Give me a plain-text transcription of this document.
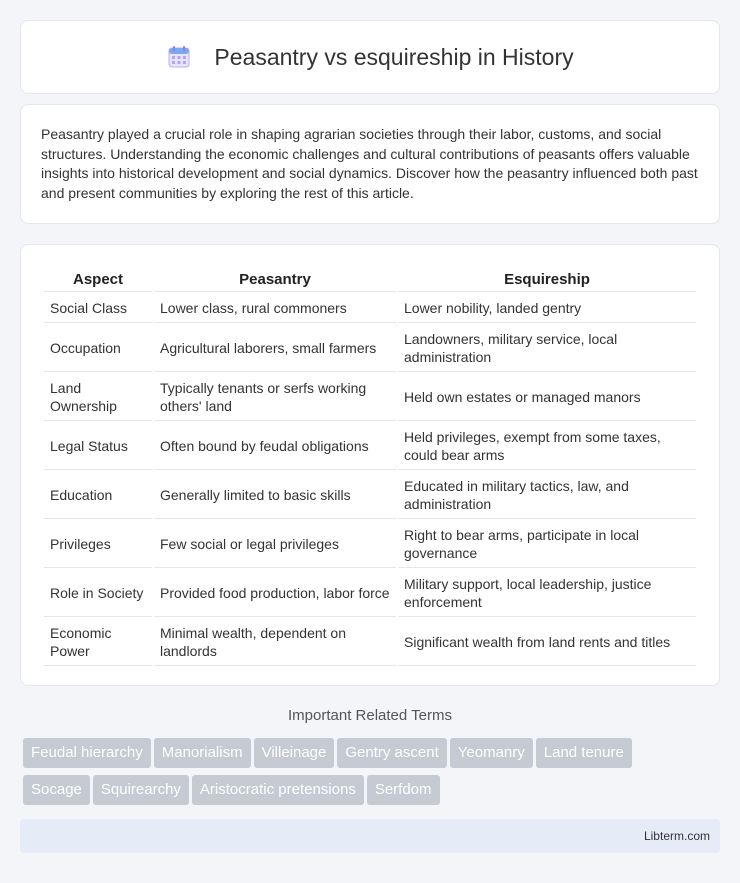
Peasantry vs esquireship in History

Peasantry played a crucial role in shaping agrarian societies through their labor, customs, and social structures. Understanding the economic challenges and cultural contributions of peasants offers valuable insights into historical development and social dynamics. Discover how the peasantry influenced both past and present communities by exploring the rest of this article.

Aspect	Peasantry	Esquireship
Social Class	Lower class, rural commoners	Lower nobility, landed gentry
Occupation	Agricultural laborers, small farmers	Landowners, military service, local administration
Land Ownership	Typically tenants or serfs working others' land	Held own estates or managed manors
Legal Status	Often bound by feudal obligations	Held privileges, exempt from some taxes, could bear arms
Education	Generally limited to basic skills	Educated in military tactics, law, and administration
Privileges	Few social or legal privileges	Right to bear arms, participate in local governance
Role in Society	Provided food production, labor force	Military support, local leadership, justice enforcement
Economic Power	Minimal wealth, dependent on landlords	Significant wealth from land rents and titles
Important Related Terms
Feudal hierarchy Manorialism Villeinage Gentry ascent Yeomanry Land tenureSocage Squirearchy Aristocratic pretensions Serfdom
Libterm.com
